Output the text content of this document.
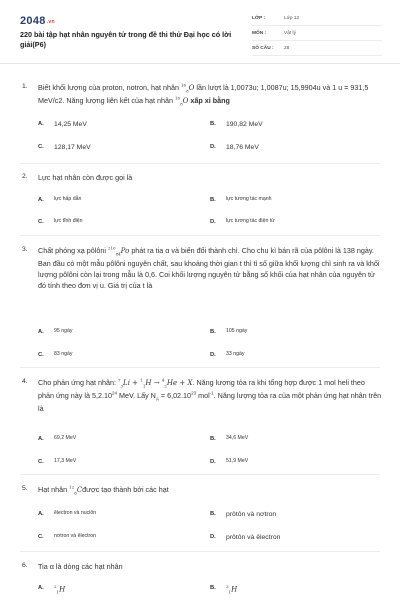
2048.vn
220 bài tập hạt nhân nguyên tử trong đề thi thử Đại học có lời giải(P6)
LỚP :	Lớp 12
MÔN :	Vật lý
SỐ CÂU :	28
1. Biết khối lượng của proton, notron, hạt nhân $^{16}_8$O lần lượt là 1,0073u; 1,0087u; 15,9904u và 1 u = 931,5 MeV/c2. Năng lượng liên kết của hạt nhân $^{16}_8$O xấp xỉ bằng
A.	14,25 MeV	B.	190,82 MeV
C.	128,17 MeV	D.	18,76 MeV
2. Lực hạt nhân còn được gọi là
A.	lực hấp dẫn	B.	lực tương tác mạnh
C.	lực tĩnh điện	D.	lực tương tác điện từ
3. Chất phóng xạ pôlôni $^{210}_{84}$Po phát ra tia α và biến đổi thành chì. Cho chu kì bán rã của pôlôni là 138 ngày. Ban đầu có một mẫu pôlôni nguyên chất, sau khoảng thời gian t thì tỉ số giữa khối lượng chì sinh ra và khối lượng pôlôni còn lại trong mẫu là 0,6. Coi khối lượng nguyên tử bằng số khối của hạt nhân của nguyên tử đó tính theo đơn vị u. Giá trị của t là
A.	95 ngày	B.	105 ngày
C.	83 ngày	D.	33 ngày
4. Cho phản ứng hạt nhân: $^7_3$Li + $^1_1$H → $^4_2$He + X. Năng lượng tỏa ra khi tổng hợp được 1 mol heli theo phản ứng này là 5,2.10$^{24}$ MeV. Lấy $N_A = 6,02.10^{23}$ mol$^{-1}$. Năng lượng tỏa ra của một phản ứng hạt nhân trên là
A.	69,2 MeV	B.	34,6 MeV
C.	17,3 MeV	D.	51,9 MeV
5. Hạt nhân $^{12}_6$Cđược tạo thành bởi các hạt
A.	êlectron và nuclôn	B.	prôtôn và nơtron
C.	nơtron và êlectron	D.	prôtôn và êlectron
6. Tia α là dòng các hạt nhân
A.	$^2_1$H	B.	$^3_1$H
